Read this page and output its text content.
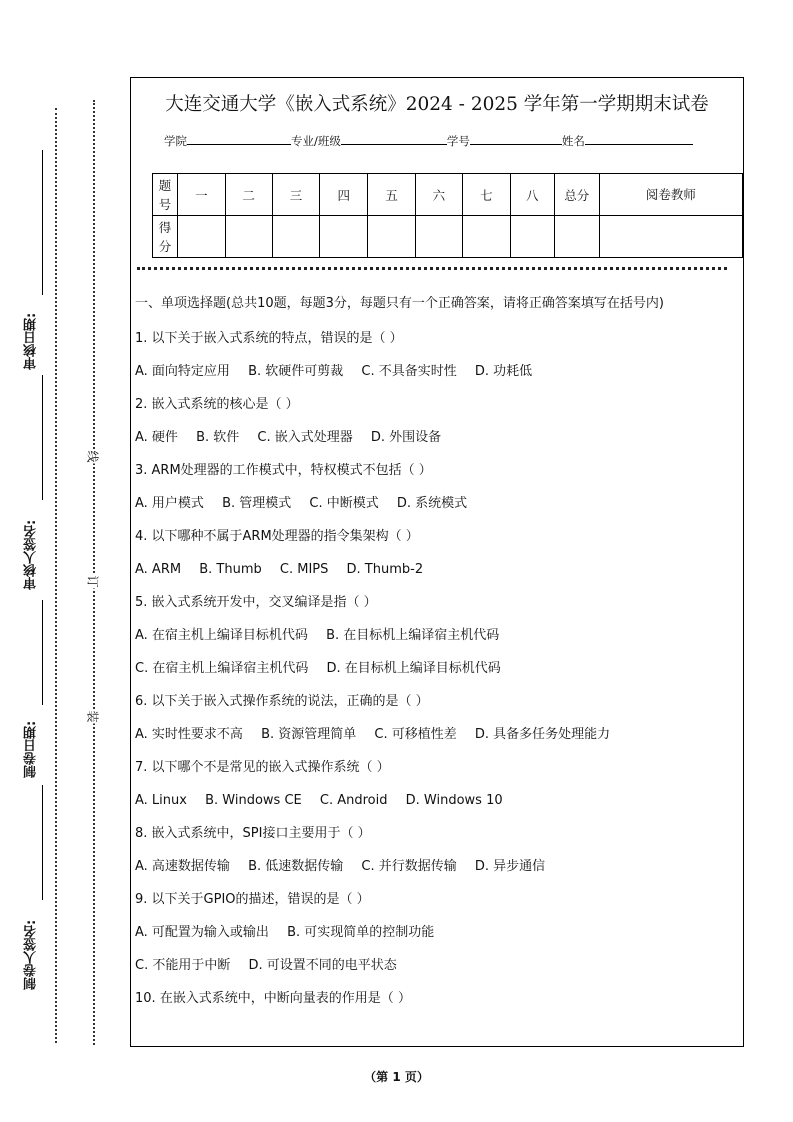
审核日期:
审核人签名:
制卷日期:
制卷人签名:
线
订
装
大连交通大学《嵌入式系统》2024 - 2025 学年第一学期期末试卷
学院	专业/班级	学号	姓名
题号	一	二	三	四	五	六	七	八	总分	阅卷教师
得分										
一、单项选择题(总共10题，每题3分，每题只有一个正确答案，请将正确答案填写在括号内)
1. 以下关于嵌入式系统的特点，错误的是（ ）
A. 面向特定应用 B. 软硬件可剪裁 C. 不具备实时性 D. 功耗低
2. 嵌入式系统的核心是（ ）
A. 硬件 B. 软件 C. 嵌入式处理器 D. 外围设备
3. ARM处理器的工作模式中，特权模式不包括（ ）
A. 用户模式 B. 管理模式 C. 中断模式 D. 系统模式
4. 以下哪种不属于ARM处理器的指令集架构（ ）
A. ARM B. Thumb C. MIPS D. Thumb-2
5. 嵌入式系统开发中，交叉编译是指（ ）
A. 在宿主机上编译目标机代码 B. 在目标机上编译宿主机代码
C. 在宿主机上编译宿主机代码 D. 在目标机上编译目标机代码
6. 以下关于嵌入式操作系统的说法，正确的是（ ）
A. 实时性要求不高 B. 资源管理简单 C. 可移植性差 D. 具备多任务处理能力
7. 以下哪个不是常见的嵌入式操作系统（ ）
A. Linux B. Windows CE C. Android D. Windows 10
8. 嵌入式系统中，SPI接口主要用于（ ）
A. 高速数据传输 B. 低速数据传输 C. 并行数据传输 D. 异步通信
9. 以下关于GPIO的描述，错误的是（ ）
A. 可配置为输入或输出 B. 可实现简单的控制功能
C. 不能用于中断 D. 可设置不同的电平状态
10. 在嵌入式系统中，中断向量表的作用是（ ）
（第 1 页）
